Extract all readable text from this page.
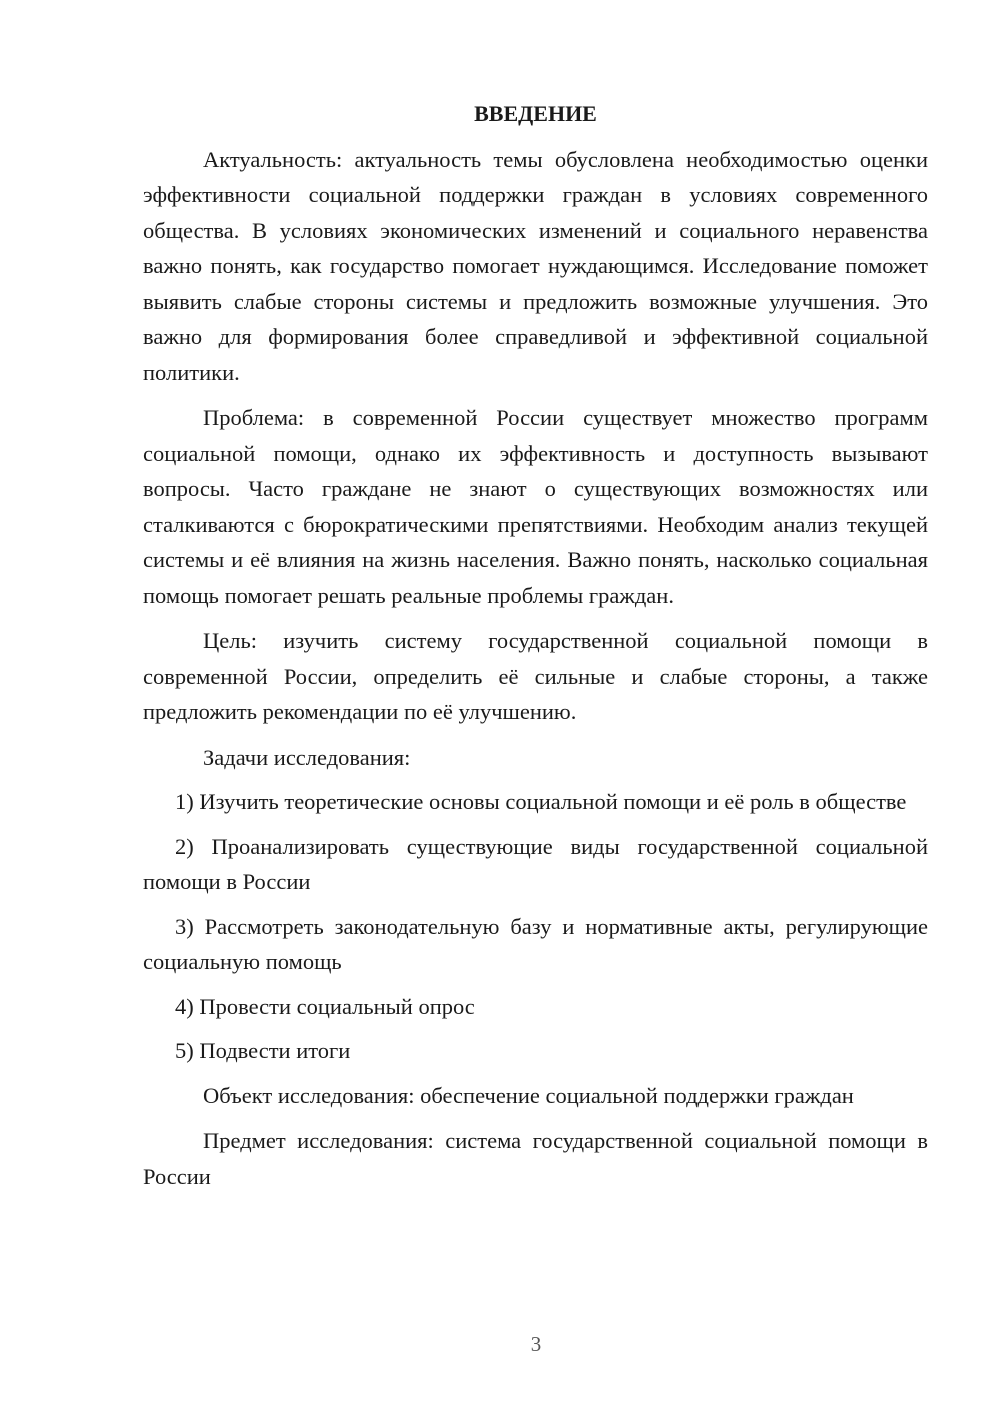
ВВЕДЕНИЕ

Актуальность: актуальность темы обусловлена необходимостью оценки эффективности социальной поддержки граждан в условиях современного общества. В условиях экономических изменений и социального неравенства важно понять, как государство помогает нуждающимся. Исследование поможет выявить слабые стороны системы и предложить возможные улучшения. Это важно для формирования более справедливой и эффективной социальной политики.

Проблема: в современной России существует множество программ социальной помощи, однако их эффективность и доступность вызывают вопросы. Часто граждане не знают о существующих возможностях или сталкиваются с бюрократическими препятствиями. Необходим анализ текущей системы и её влияния на жизнь населения. Важно понять, насколько социальная помощь помогает решать реальные проблемы граждан.

Цель: изучить систему государственной социальной помощи в современной России, определить её сильные и слабые стороны, а также предложить рекомендации по её улучшению.

Задачи исследования:

1) Изучить теоретические основы социальной помощи и её роль в обществе

2) Проанализировать существующие виды государственной социальной помощи в России

3) Рассмотреть законодательную базу и нормативные акты, регулирующие социальную помощь

4) Провести социальный опрос

5) Подвести итоги

Объект исследования: обеспечение социальной поддержки граждан

Предмет исследования: система государственной социальной помощи в России

3
